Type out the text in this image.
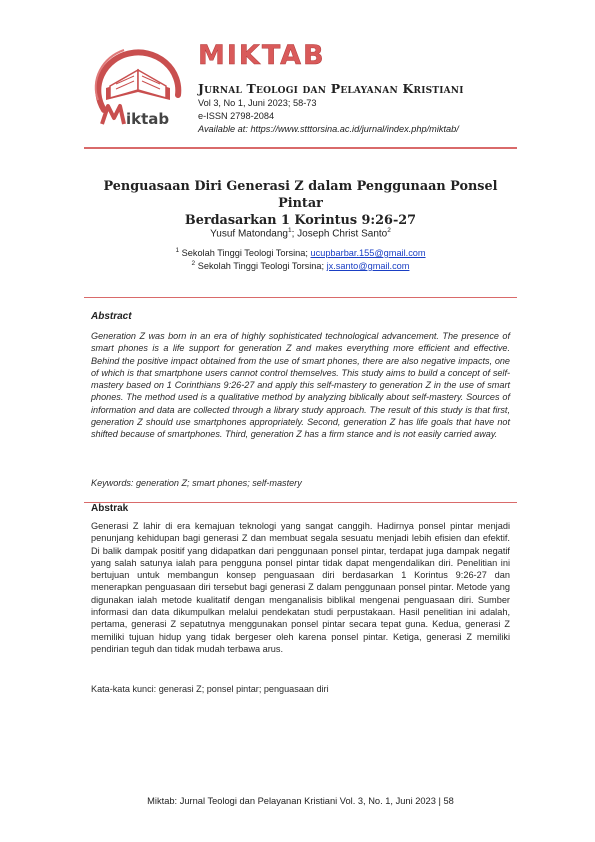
iktab
MIKTAB
Jurnal Teologi dan Pelayanan Kristiani
Vol 3, No 1, Juni 2023; 58-73
e-ISSN 2798-2084
Available at: https://www.stttorsina.ac.id/jurnal/index.php/miktab/
Penguasaan Diri Generasi Z dalam Penggunaan Ponsel Pintar
Berdasarkan 1 Korintus 9:26-27
Yusuf Matondang$^1$; Joseph Christ Santo$^2$
$^1$ Sekolah Tinggi Teologi Torsina; ucupbarbar.155@gmail.com
$^2$ Sekolah Tinggi Teologi Torsina; jx.santo@gmail.com
Abstract
Generation Z was born in an era of highly sophisticated technological advancement. The presence of smart phones is a life support for generation Z and makes everything more efficient and effective. Behind the positive impact obtained from the use of smart phones, there are also negative impacts, one of which is that smartphone users cannot control themselves. This study aims to build a concept of self-mastery based on 1 Corinthians 9:26-27 and apply this self-mastery to generation Z in the use of smart phones. The method used is a qualitative method by analyzing biblically about self-mastery. Sources of information and data are collected through a library study approach. The result of this study is that first, generation Z should use smartphones appropriately. Second, generation Z has life goals that have not shifted because of smartphones. Third, generation Z has a firm stance and is not easily carried away.
Keywords: generation Z; smart phones; self-mastery
Abstrak
Generasi Z lahir di era kemajuan teknologi yang sangat canggih. Hadirnya ponsel pintar menjadi penunjang kehidupan bagi generasi Z dan membuat segala sesuatu menjadi lebih efisien dan efektif. Di balik dampak positif yang didapatkan dari penggunaan ponsel pintar, terdapat juga dampak negatif yang salah satunya ialah para pengguna ponsel pintar tidak dapat mengendalikan diri. Penelitian ini bertujuan untuk membangun konsep penguasaan diri berdasarkan 1 Korintus 9:26-27 dan menerapkan penguasaan diri tersebut bagi generasi Z dalam penggunaan ponsel pintar. Metode yang digunakan ialah metode kualitatif dengan menganalisis biblikal mengenai penguasaan diri. Sumber informasi dan data dikumpulkan melalui pendekatan studi perpustakaan. Hasil penelitian ini adalah, pertama, generasi Z sepatutnya menggunakan ponsel pintar secara tepat guna. Kedua, generasi Z memiliki tujuan hidup yang tidak bergeser oleh karena ponsel pintar. Ketiga, generasi Z memiliki pendirian teguh dan tidak mudah terbawa arus.
Kata-kata kunci: generasi Z; ponsel pintar; penguasaan diri
Miktab: Jurnal Teologi dan Pelayanan Kristiani Vol. 3, No. 1, Juni 2023 | 58
